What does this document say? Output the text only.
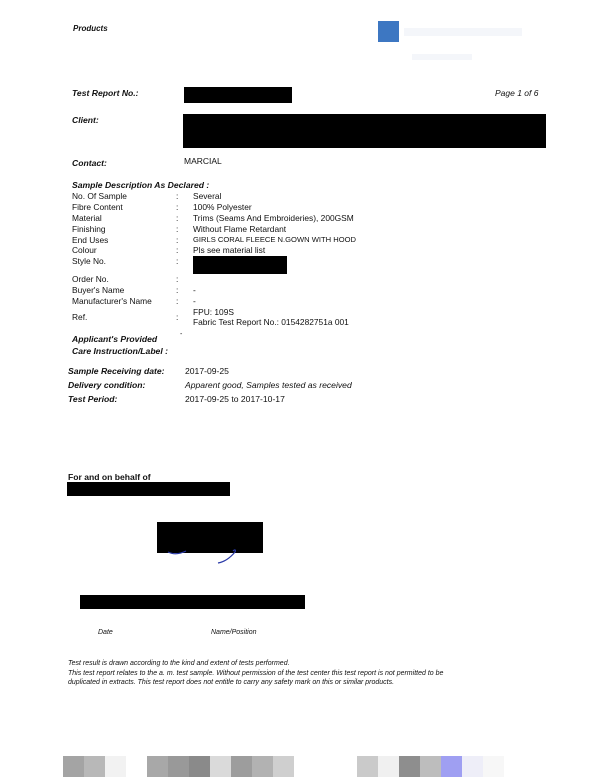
Products
Test Report No.:	Page 1 of 6
Client:
Contact:	MARCIAL
Sample Description As Declared :		
No. Of Sample	:	Several
Fibre Content	:	100% Polyester
Material	:	Trims (Seams And Embroideries), 200GSM
Finishing	:	Without Flame Retardant
End Uses	:	GIRLS CORAL FLEECE N.GOWN WITH HOOD
Colour	:	Pls see material list
Style No.	:	
Order No.	:	
Buyer's Name	:	-
Manufacturer's Name	:	-
Ref.	:	FPU: 109S
Fabric Test Report No.: 0154282751a 001
Applicant's Provided
Care Instruction/Label :
-
Sample Receiving date:	2017-09-25
Delivery condition:	Apparent good, Samples tested as received
Test Period:	2017-09-25 to 2017-10-17
For and on behalf of
Date	Name/Position
Test result is drawn according to the kind and extent of tests performed.
This test report relates to the a. m. test sample. Without permission of the test center this test report is not permitted to be
duplicated in extracts. This test report does not entitle to carry any safety mark on this or similar products.
